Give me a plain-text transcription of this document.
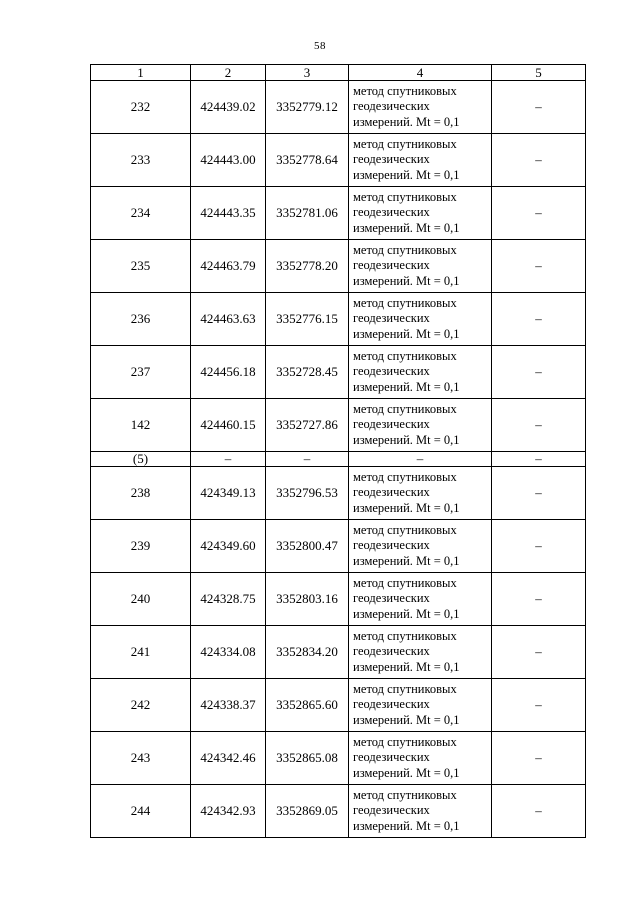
58
1	2	3	4	5
232	424439.02	3352779.12	метод спутниковых
геодезических
измерений. Mt = 0,1	–
233	424443.00	3352778.64	метод спутниковых
геодезических
измерений. Mt = 0,1	–
234	424443.35	3352781.06	метод спутниковых
геодезических
измерений. Mt = 0,1	–
235	424463.79	3352778.20	метод спутниковых
геодезических
измерений. Mt = 0,1	–
236	424463.63	3352776.15	метод спутниковых
геодезических
измерений. Mt = 0,1	–
237	424456.18	3352728.45	метод спутниковых
геодезических
измерений. Mt = 0,1	–
142	424460.15	3352727.86	метод спутниковых
геодезических
измерений. Mt = 0,1	–
(5)	–	–	–	–
238	424349.13	3352796.53	метод спутниковых
геодезических
измерений. Mt = 0,1	–
239	424349.60	3352800.47	метод спутниковых
геодезических
измерений. Mt = 0,1	–
240	424328.75	3352803.16	метод спутниковых
геодезических
измерений. Mt = 0,1	–
241	424334.08	3352834.20	метод спутниковых
геодезических
измерений. Mt = 0,1	–
242	424338.37	3352865.60	метод спутниковых
геодезических
измерений. Mt = 0,1	–
243	424342.46	3352865.08	метод спутниковых
геодезических
измерений. Mt = 0,1	–
244	424342.93	3352869.05	метод спутниковых
геодезических
измерений. Mt = 0,1	–
